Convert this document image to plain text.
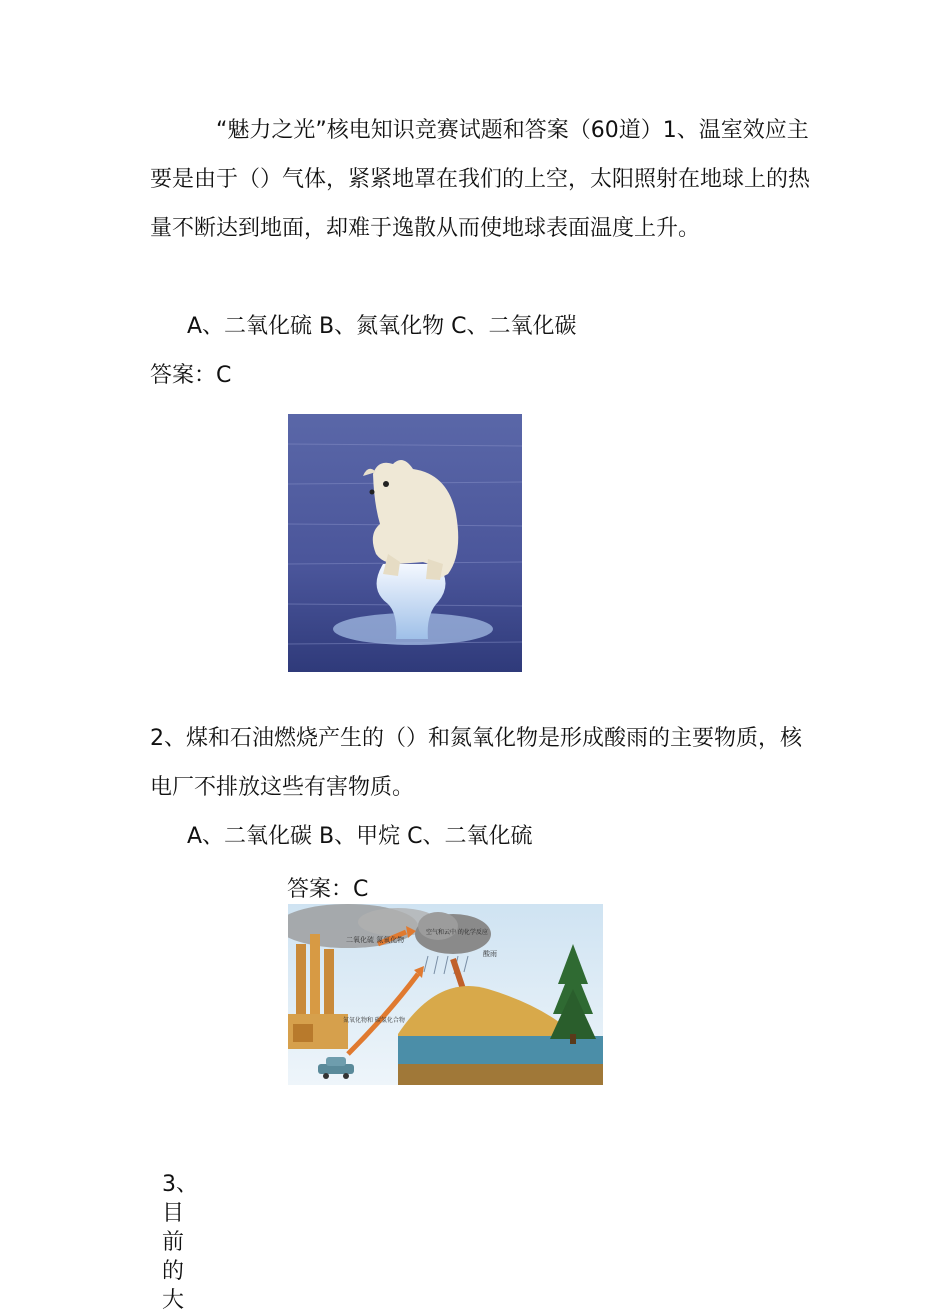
“魅力之光”核电知识竞赛试题和答案（60道）1、温室效应主要是由于（）气体，紧紧地罩在我们的上空，太阳照射在地球上的热量不断达到地面，却难于逸散从而使地球表面温度上升。

A、二氧化硫 B、氮氧化物 C、二氧化碳

答案：C

2、煤和石油燃烧产生的（）和氮氧化物是形成酸雨的主要物质，核电厂不排放这些有害物质。

A、二氧化碳 B、甲烷 C、二氧化硫

答案：C

二氧化硫 氮氧化物
空气和云中 的化学反应
酸雨
氮氧化物和 碳氢化合物

3、目前的大
